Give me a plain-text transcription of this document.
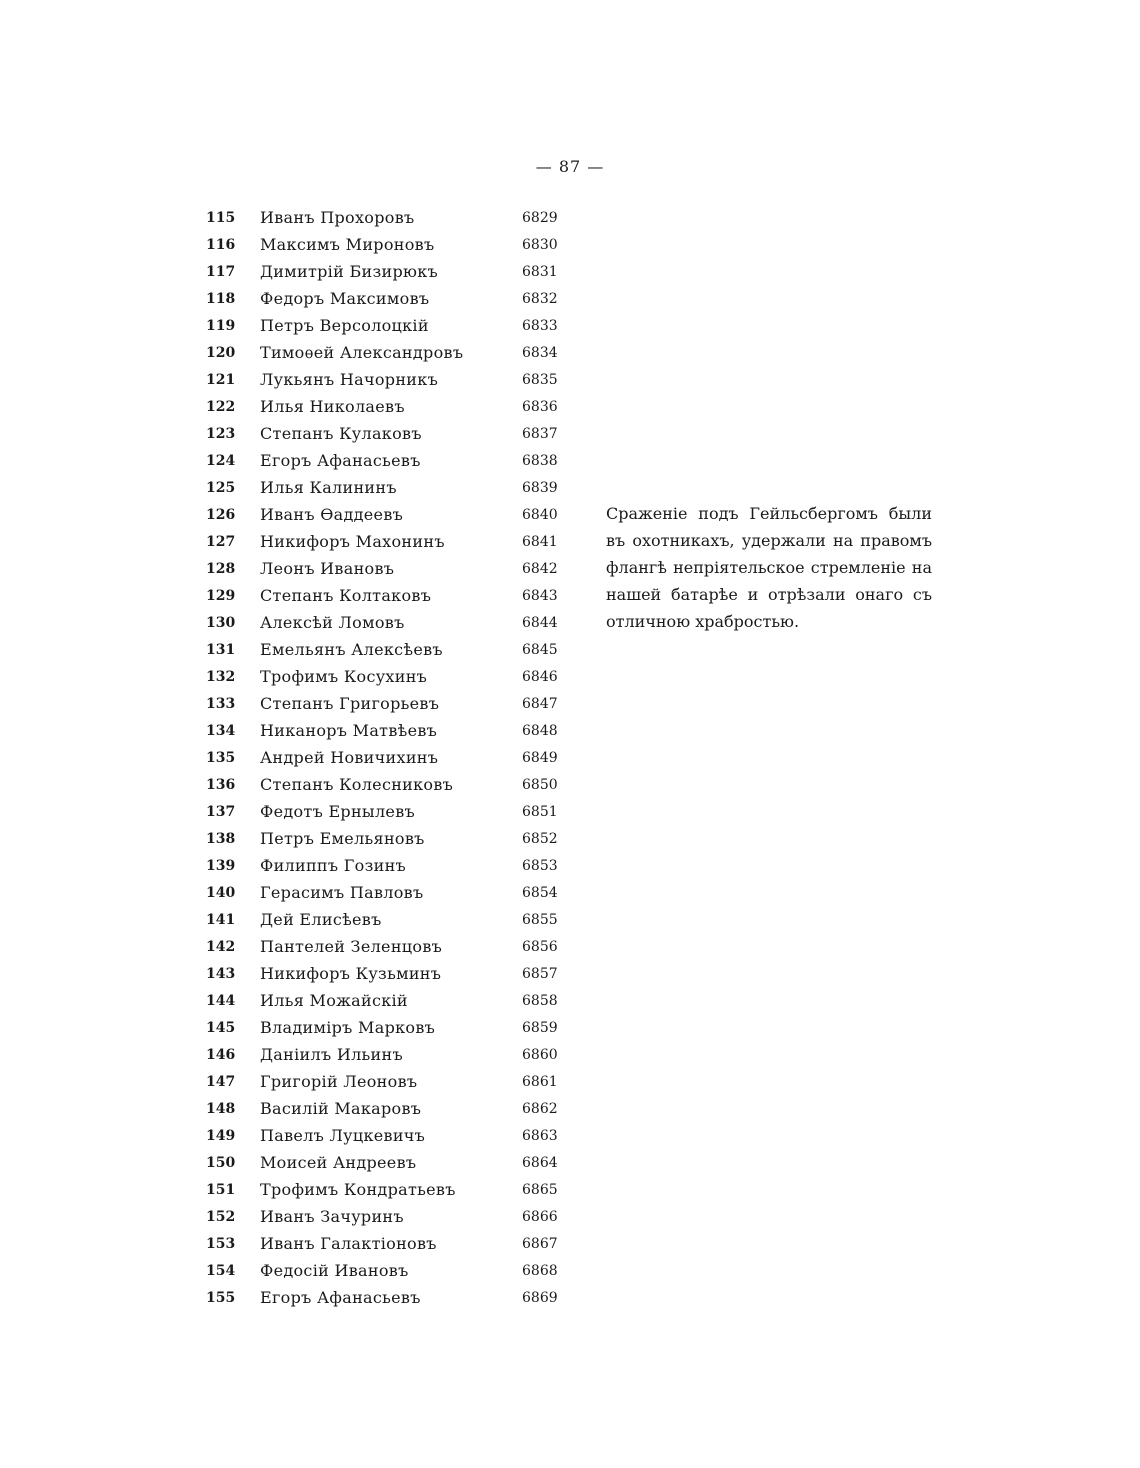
— 87 —
115	Иванъ Прохоровъ	6829
116	Максимъ Мироновъ	6830
117	Димитрій Бизирюкъ	6831
118	Федоръ Максимовъ	6832
119	Петръ Версолоцкій	6833
120	Тимоѳей Александровъ	6834
121	Лукьянъ Начорникъ	6835
122	Илья Николаевъ	6836
123	Степанъ Кулаковъ	6837
124	Егоръ Афанасьевъ	6838
125	Илья Калининъ	6839
126	Иванъ Ѳаддеевъ	6840
127	Никифоръ Махонинъ	6841
128	Леонъ Ивановъ	6842
129	Степанъ Колтаковъ	6843
130	Алексѣй Ломовъ	6844
131	Емельянъ Алексѣевъ	6845
132	Трофимъ Косухинъ	6846
133	Степанъ Григорьевъ	6847
134	Никаноръ Матвѣевъ	6848
135	Андрей Новичихинъ	6849
136	Степанъ Колесниковъ	6850
137	Федотъ Ернылевъ	6851
138	Петръ Емельяновъ	6852
139	Филиппъ Гозинъ	6853
140	Герасимъ Павловъ	6854
141	Дей Елисѣевъ	6855
142	Пантелей Зеленцовъ	6856
143	Никифоръ Кузьминъ	6857
144	Илья Можайскій	6858
145	Владиміръ Марковъ	6859
146	Даніилъ Ильинъ	6860
147	Григорій Леоновъ	6861
148	Василій Макаровъ	6862
149	Павелъ Луцкевичъ	6863
150	Моисей Андреевъ	6864
151	Трофимъ Кондратьевъ	6865
152	Иванъ Зачуринъ	6866
153	Иванъ Галактіоновъ	6867
154	Федосій Ивановъ	6868
155	Егоръ Афанасьевъ	6869

Сраженіе подъ Гейльсбергомъ были въ охотникахъ, удержали на правомъ флангѣ непріятельское стремленіе на нашей батарѣе и отрѣзали онаго съ отличною храбростью.
